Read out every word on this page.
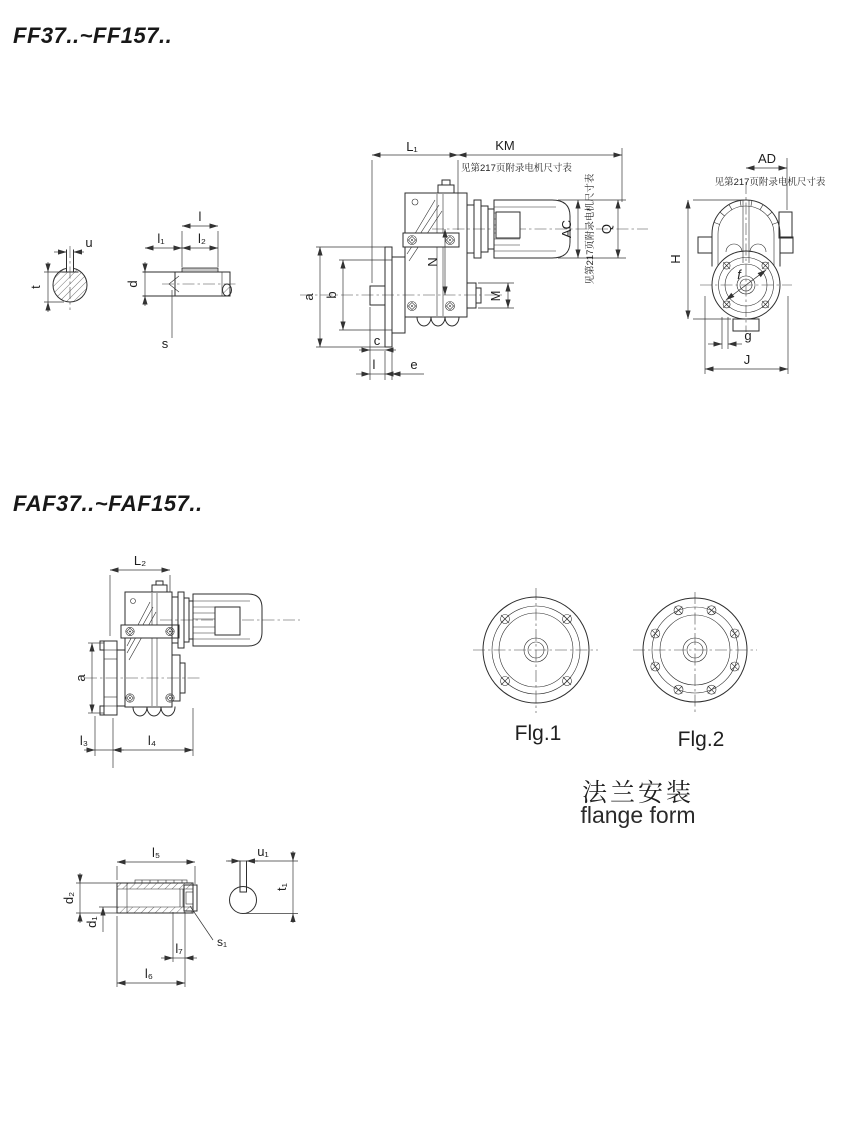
FF37..~FF157..
FAF37..~FAF157..
Flg.1	Flg.2
法兰安装
flange form
u
t
l
l₁	l₂
d
s
L₁	KM
见第217页附录电机尺寸表
AC Q
见第217页附录电机尺寸表
a b
N
M
c
l	e
f
AD
见第217页附录电机尺寸表
H
g
J
L₂
a
l₃	l₄
l₅
d₂
d₁
l₇
l₆
s₁
u₁
t₁
